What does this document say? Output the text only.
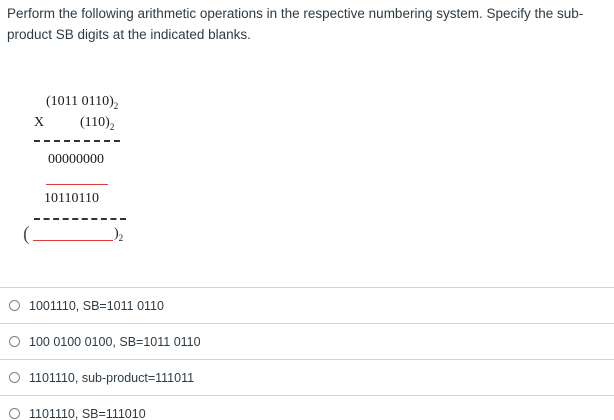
Perform the following arithmetic operations in the respective numbering system. Specify the sub-product SB digits at the indicated blanks.
(1011 $0110)_2$
X	$(110)_2$
00000000
10110110
(	)$_2$
1001110, SB=1011 0110
100 0100 0100, SB=1011 0110
1101110, sub-product=111011
1101110, SB=111010
